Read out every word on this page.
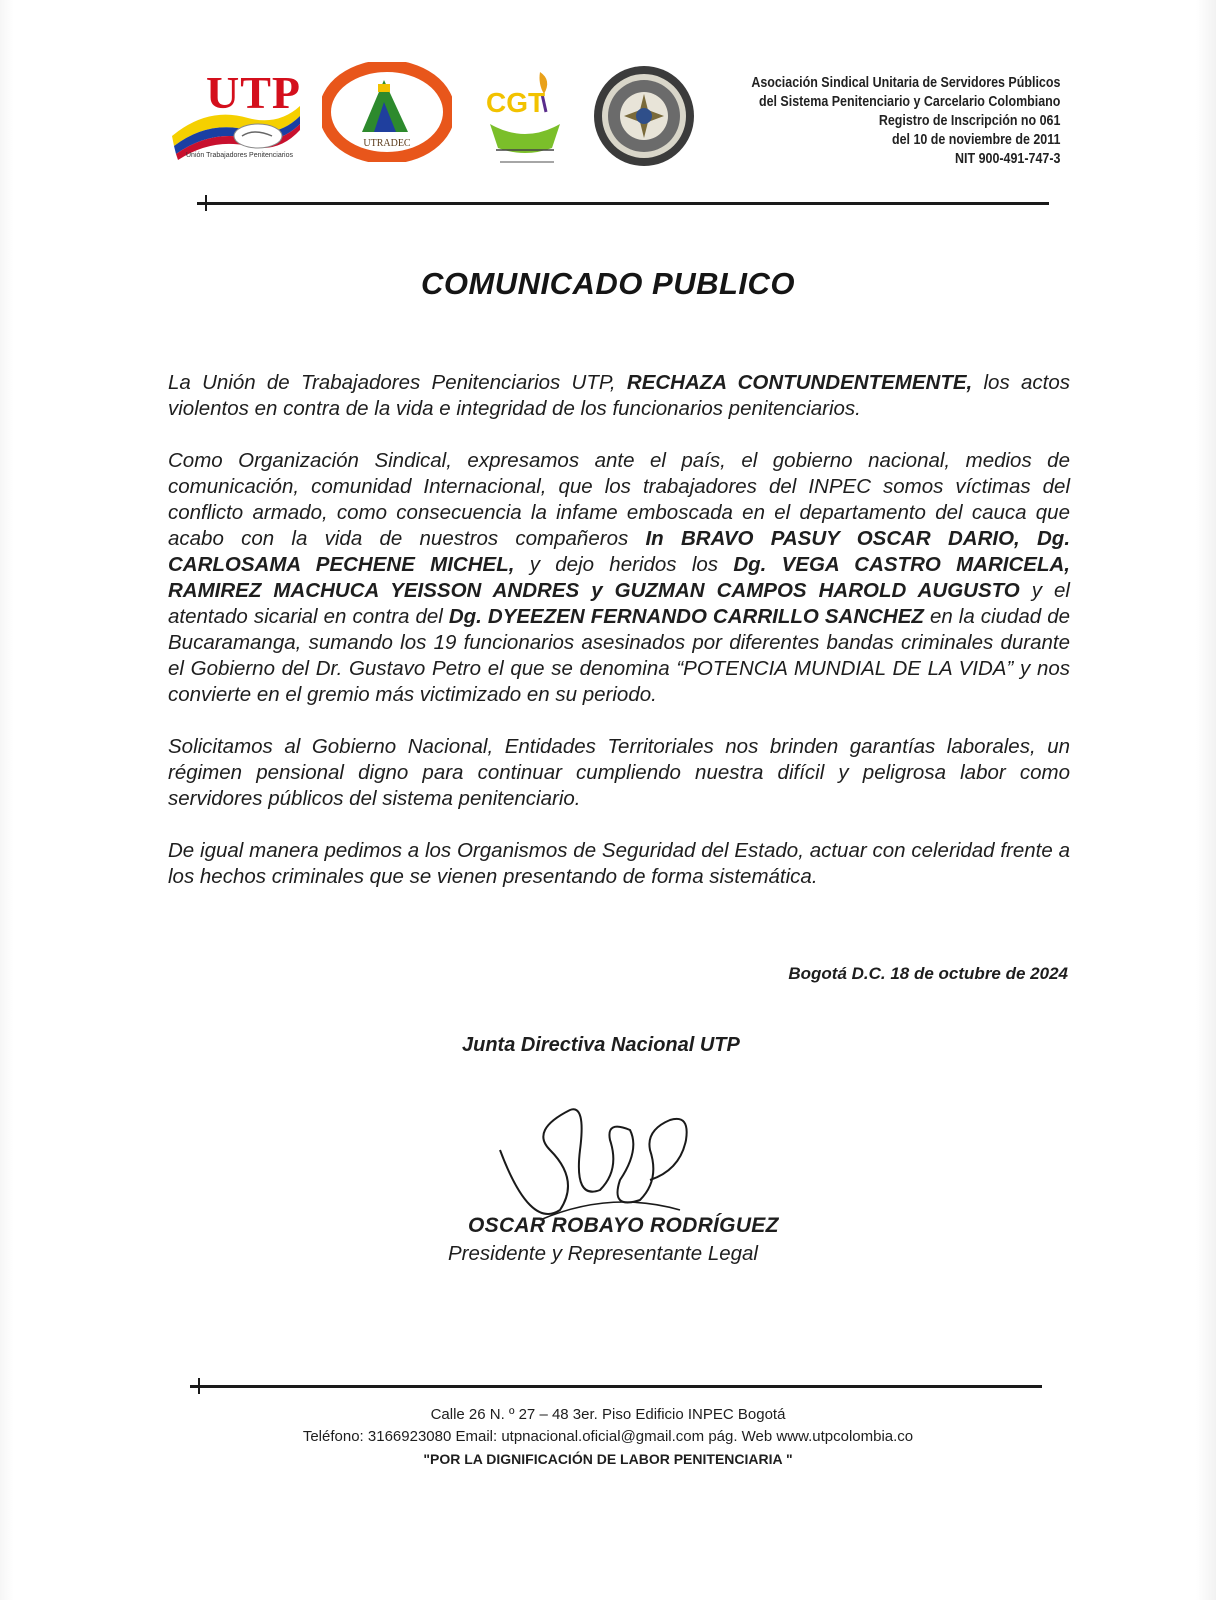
UTP
Unión Trabajadores Penitenciarios
UTRADEC
CGT
Asociación Sindical Unitaria de Servidores Públicos
del Sistema Penitenciario y Carcelario Colombiano
Registro de Inscripción no 061
del 10 de noviembre de 2011
NIT 900-491-747-3
COMUNICADO PUBLICO

La Unión de Trabajadores Penitenciarios UTP, RECHAZA CONTUNDENTEMENTE, los actos violentos en contra de la vida e integridad de los funcionarios penitenciarios.

Como Organización Sindical, expresamos ante el país, el gobierno nacional, medios de comunicación, comunidad Internacional, que los trabajadores del INPEC somos víctimas del conflicto armado, como consecuencia la infame emboscada en el departamento del cauca que acabo con la vida de nuestros compañeros In BRAVO PASUY OSCAR DARIO, Dg. CARLOSAMA PECHENE MICHEL, y dejo heridos los Dg. VEGA CASTRO MARICELA, RAMIREZ MACHUCA YEISSON ANDRES y GUZMAN CAMPOS HAROLD AUGUSTO y el atentado sicarial en contra del Dg. DYEEZEN FERNANDO CARRILLO SANCHEZ en la ciudad de Bucaramanga, sumando los 19 funcionarios asesinados por diferentes bandas criminales durante el Gobierno del Dr. Gustavo Petro el que se denomina “POTENCIA MUNDIAL DE LA VIDA” y nos convierte en el gremio más victimizado en su periodo.

Solicitamos al Gobierno Nacional, Entidades Territoriales nos brinden garantías laborales, un régimen pensional digno para continuar cumpliendo nuestra difícil y peligrosa labor como servidores públicos del sistema penitenciario.

De igual manera pedimos a los Organismos de Seguridad del Estado, actuar con celeridad frente a los hechos criminales que se vienen presentando de forma sistemática.

Bogotá D.C. 18 de octubre de 2024
Junta Directiva Nacional UTP
OSCAR ROBAYO RODRÍGUEZ
Presidente y Representante Legal
Calle 26 N. º 27 – 48 3er. Piso Edificio INPEC Bogotá
Teléfono: 3166923080 Email: utpnacional.oficial@gmail.com pág. Web www.utpcolombia.co
"POR LA DIGNIFICACIÓN DE LABOR PENITENCIARIA "
